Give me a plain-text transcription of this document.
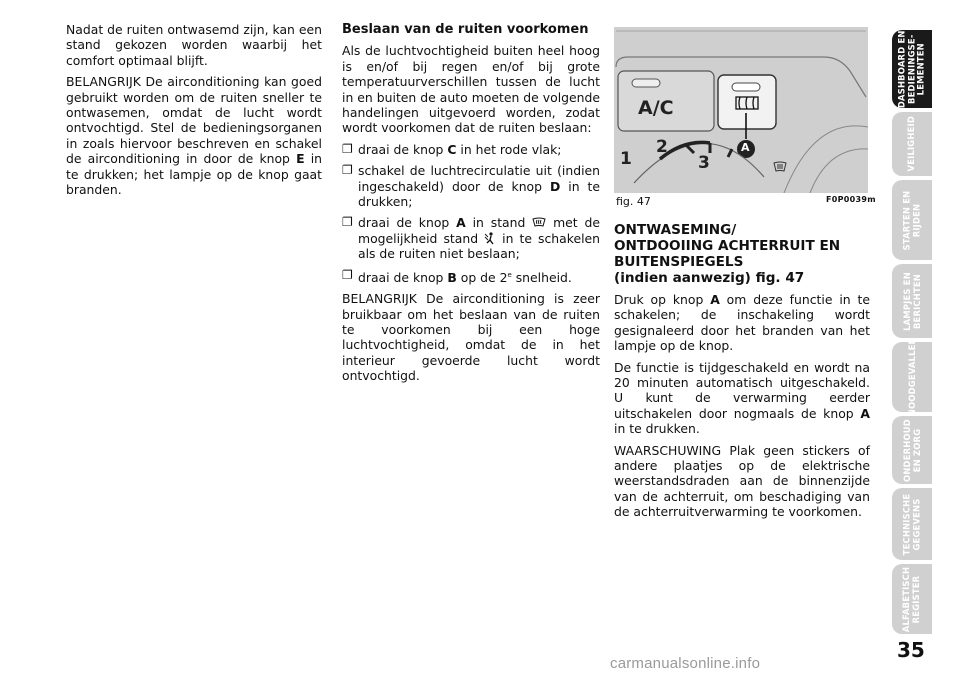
Nadat de ruiten ontwasemd zijn, kan een stand gekozen worden waarbij het comfort optimaal blijft.

BELANGRIJK De airconditioning kan goed gebruikt worden om de ruiten sneller te ontwasemen, omdat de lucht wordt ontvochtigd. Stel de bedieningsorganen in zoals hiervoor beschreven en schakel de airconditioning in door de knop E in te drukken; het lampje op de knop gaat branden.

Beslaan van de ruiten voorkomen

Als de luchtvochtigheid buiten heel hoog is en/of bij regen en/of bij grote temperatuurverschillen tussen de lucht in en buiten de auto moeten de volgende handelingen uitgevoerd worden, zodat wordt voorkomen dat de ruiten beslaan:

❐ draai de knop C in het rode vlak;
❐ schakel de luchtrecirculatie uit (indien ingeschakeld) door de knop D in te drukken;
❐ draai de knop A in stand  met de mogelijkheid stand  in te schakelen als de ruiten niet beslaan;
❐ draai de knop B op de 2e snelheid.

BELANGRIJK De airconditioning is zeer bruikbaar om het beslaan van de ruiten te voorkomen bij een hoge luchtvochtigheid, omdat de in het interieur gevoerde lucht wordt ontvochtigd.

A/C
A
1
2
3
fig. 47	F0P0039m
ONTWASEMING/
ONTDOOIING ACHTERRUIT EN
BUITENSPIEGELS
(indien aanwezig) fig. 47

Druk op knop A om deze functie in te schakelen; de inschakeling wordt gesignaleerd door het branden van het lampje op de knop.

De functie is tijdgeschakeld en wordt na 20 minuten automatisch uitgeschakeld. U kunt de verwarming eerder uitschakelen door nogmaals de knop A in te drukken.

WAARSCHUWING Plak geen stickers of andere plaatjes op de elektrische weerstandsdraden aan de binnenzijde van de achterruit, om beschadiging van de achterruitverwarming te voorkomen.

DASHBOARD EN
BEDIENINGSE-
LEMENTEN
VEILIGHEID
STARTEN EN
RIJDEN
LAMPJES EN
BERICHTEN
NOODGEVALLEN
ONDERHOUD
EN ZORG
TECHNISCHE
GEGEVENS
ALFABETISCH
REGISTER
35
carmanualsonline.info
